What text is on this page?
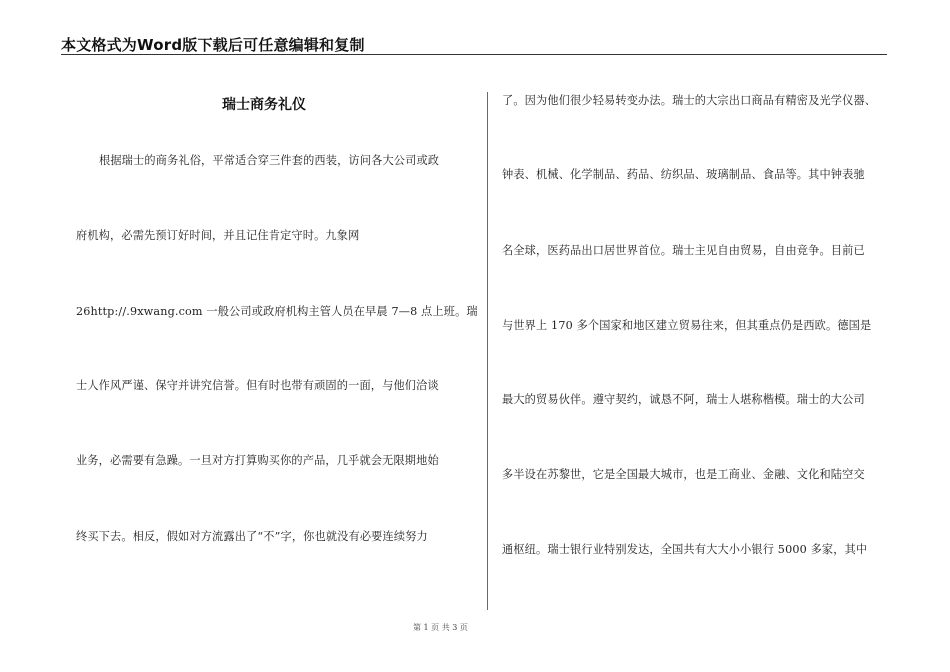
本文格式为Word版下载后可任意编辑和复制
瑞士商务礼仪
根据瑞士的商务礼俗，平常适合穿三件套的西装，访问各大公司或政
府机构，必需先预订好时间，并且记住肯定守时。九象网
26http://.9xwang.com 一般公司或政府机构主管人员在早晨 7—8 点上班。瑞
士人作风严谨、保守并讲究信誉。但有时也带有顽固的一面，与他们洽谈
业务，必需要有急躁。一旦对方打算购买你的产品，几乎就会无限期地始
终买下去。相反，假如对方流露出了“不”字，你也就没有必要连续努力
了。因为他们很少轻易转变办法。瑞士的大宗出口商品有精密及光学仪器、
钟表、机械、化学制品、药品、纺织品、玻璃制品、食品等。其中钟表驰
名全球，医药品出口居世界首位。瑞士主见自由贸易，自由竞争。目前已
与世界上 170 多个国家和地区建立贸易往来，但其重点仍是西欧。德国是
最大的贸易伙伴。遵守契约，诚恳不阿，瑞士人堪称楷模。瑞士的大公司
多半设在苏黎世，它是全国最大城市，也是工商业、金融、文化和陆空交
通枢纽。瑞士银行业特别发达，全国共有大大小小银行 5000 多家，其中
第 1 页 共 3 页
